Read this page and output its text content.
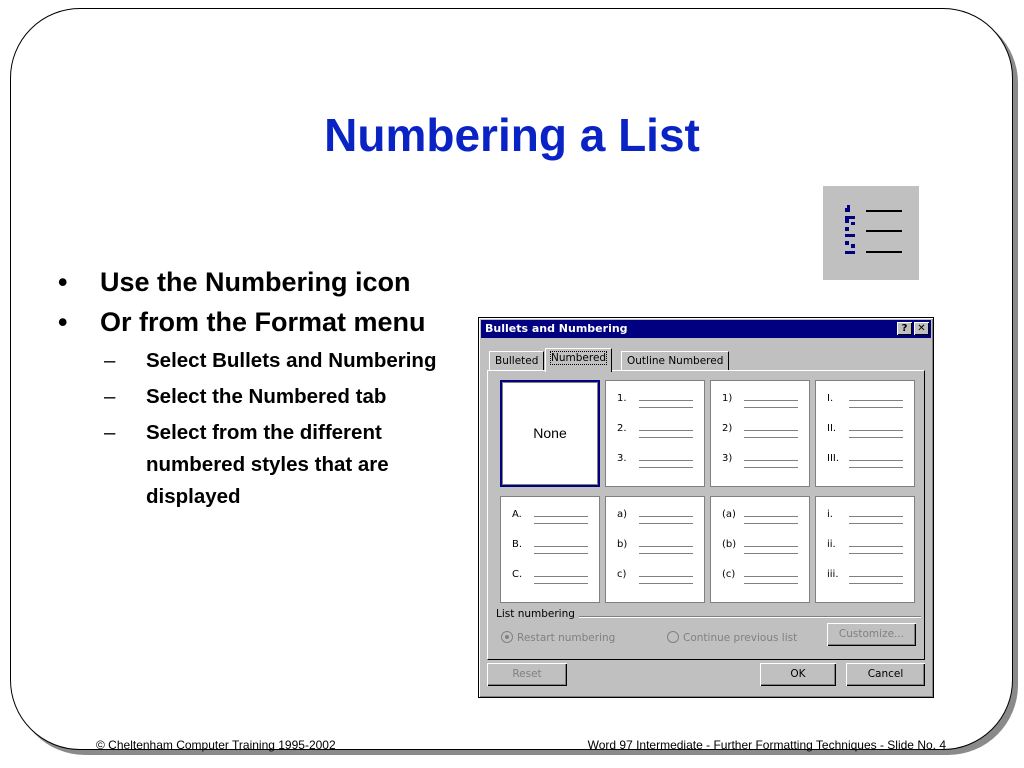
Numbering a List
• Use the Numbering icon
• Or from the Format menu
– Select Bullets and Numbering
– Select the Numbered tab
– Select from the different numbered styles that are displayed
Bullets and Numbering	? ✕
Bulleted	Numbered	Outline Numbered
None
1.
2.
3.
1)
2)
3)
I.
II.
III.
A.
B.
C.
a)
b)
c)
(a)
(b)
(c)
i.
ii.
iii.
List numbering
Restart numbering	Continue previous list	Customize...
Reset	OK	Cancel
© Cheltenham Computer Training 1995-2002	Word 97 Intermediate - Further Formatting Techniques - Slide No. 4
